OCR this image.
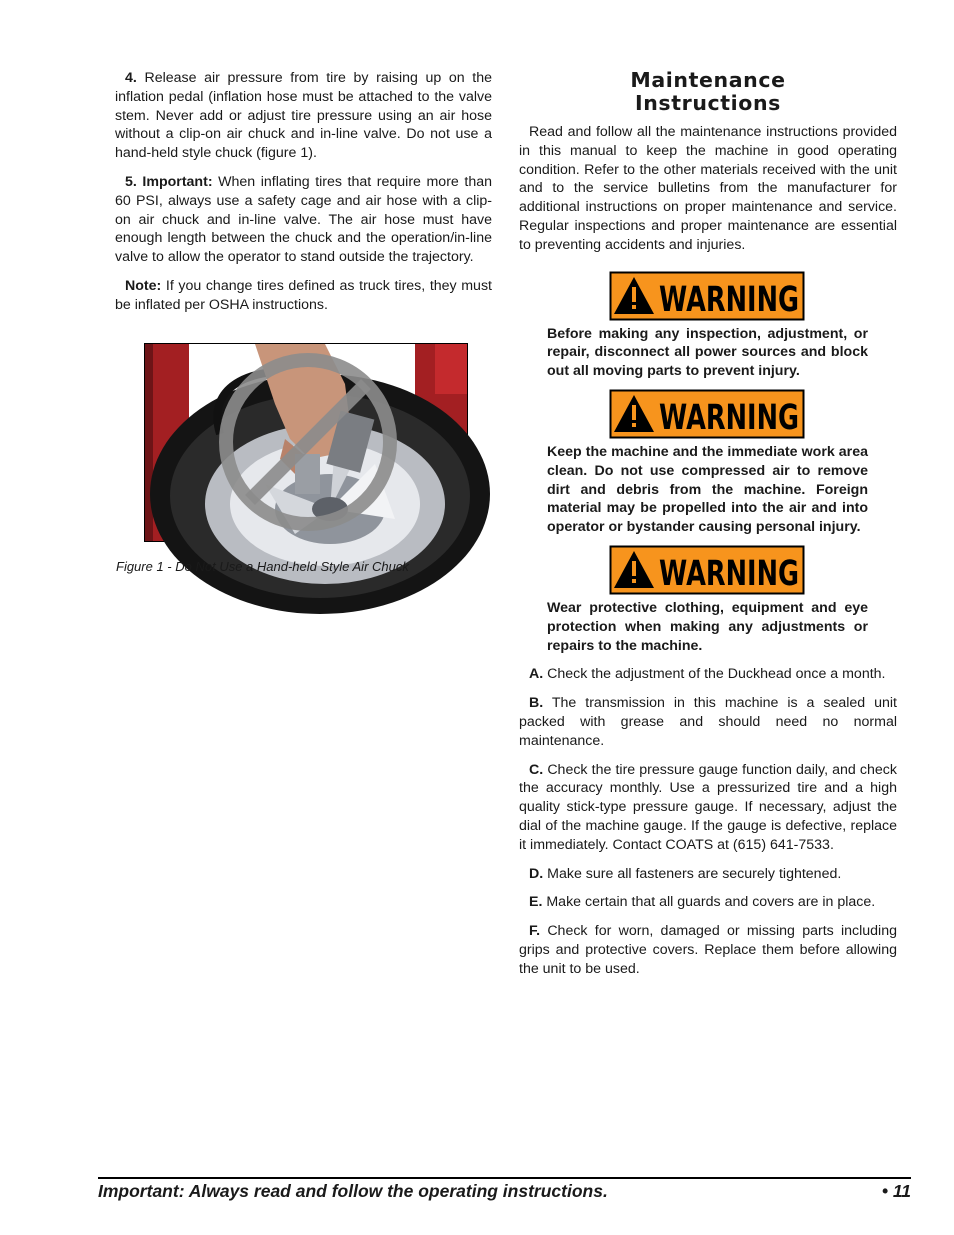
4. Release air pressure from tire by raising up on the inflation pedal (inflation hose must be attached to the valve stem. Never add or adjust tire pressure using an air hose without a clip-on air chuck and in-line valve. Do not use a hand-held style chuck (figure 1).

5. Important: When inflating tires that require more than 60 PSI, always use a safety cage and air hose with a clip-on air chuck and in-line valve. The air hose must have enough length between the chuck and the operation/in-line valve to allow the operator to stand outside the trajectory.

Note: If you change tires defined as truck tires, they must be inflated per OSHA instructions.

Figure 1 - Do Not Use a Hand-held Style Air Chuck
Maintenance
Instructions

Read and follow all the maintenance instructions provided in this manual to keep the machine in good operating condition. Refer to the other materials received with the unit and to the service bulletins from the manufacturer for additional instructions on proper maintenance and service. Regular inspections and proper maintenance are essential to preventing accidents and injuries.

WARNING

Before making any inspection, adjustment, or repair, disconnect all power sources and block out all moving parts to prevent injury.

WARNING

Keep the machine and the immediate work area clean. Do not use compressed air to remove dirt and debris from the machine. Foreign material may be propelled into the air and into operator or bystander causing personal injury.

WARNING

Wear protective clothing, equipment and eye protection when making any adjustments or repairs to the machine.

A. Check the adjustment of the Duckhead once a month.

B. The transmission in this machine is a sealed unit packed with grease and should need no normal maintenance.

C. Check the tire pressure gauge function daily, and check the accuracy monthly. Use a pressurized tire and a high quality stick-type pressure gauge. If necessary, adjust the dial of the machine gauge. If the gauge is defective, replace it immediately. Contact COATS at (615) 641-7533.

D. Make sure all fasteners are securely tightened.

E. Make certain that all guards and covers are in place.

F. Check for worn, damaged or missing parts including grips and protective covers. Replace them before allowing the unit to be used.

Important: Always read and follow the operating instructions.	• 11
